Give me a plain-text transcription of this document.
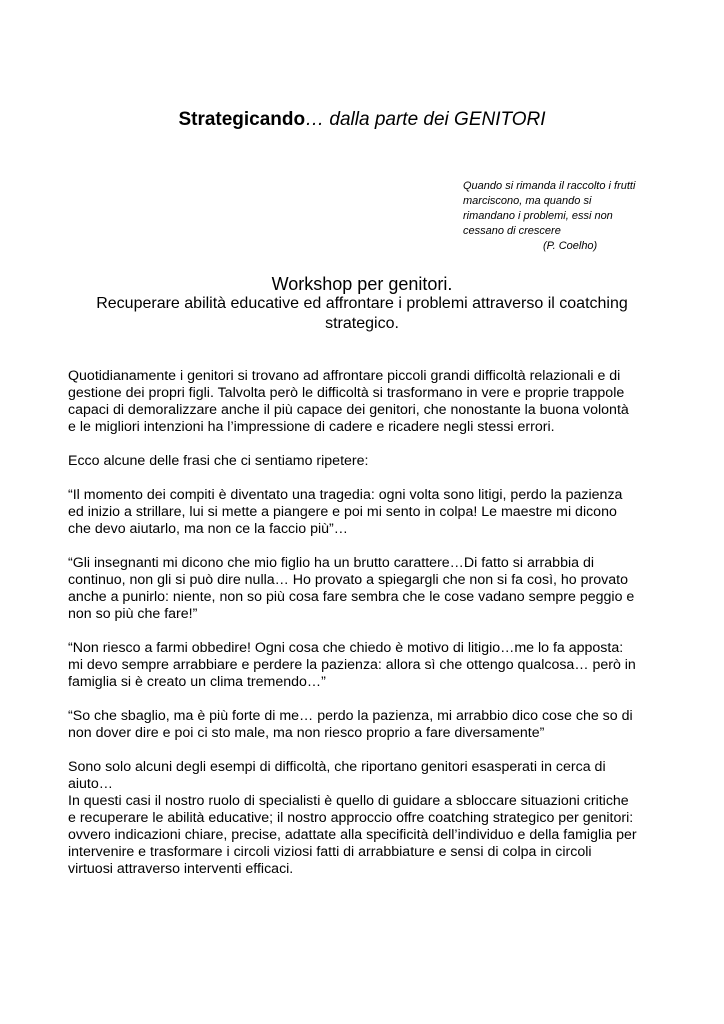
Strategicando… dalla parte dei GENITORI
Quando si rimanda il raccolto i frutti
marciscono, ma quando si
rimandano i problemi, essi non
cessano di crescere
(P. Coelho)
Workshop per genitori.
Recuperare abilità educative ed affrontare i problemi attraverso il coatching
strategico.

Quotidianamente i genitori si trovano ad affrontare piccoli grandi difficoltà relazionali e di
gestione dei propri figli. Talvolta però le difficoltà si trasformano in vere e proprie trappole
capaci di demoralizzare anche il più capace dei genitori, che nonostante la buona volontà
e le migliori intenzioni ha l’impressione di cadere e ricadere negli stessi errori.

Ecco alcune delle frasi che ci sentiamo ripetere:

“Il momento dei compiti è diventato una tragedia: ogni volta sono litigi, perdo la pazienza
ed inizio a strillare, lui si mette a piangere e poi mi sento in colpa! Le maestre mi dicono
che devo aiutarlo, ma non ce la faccio più”…

“Gli insegnanti mi dicono che mio figlio ha un brutto carattere…Di fatto si arrabbia di
continuo, non gli si può dire nulla… Ho provato a spiegargli che non si fa così, ho provato
anche a punirlo: niente, non so più cosa fare sembra che le cose vadano sempre peggio e
non so più che fare!”

“Non riesco a farmi obbedire! Ogni cosa che chiedo è motivo di litigio…me lo fa apposta:
mi devo sempre arrabbiare e perdere la pazienza: allora sì che ottengo qualcosa… però in
famiglia si è creato un clima tremendo…”

“So che sbaglio, ma è più forte di me… perdo la pazienza, mi arrabbio dico cose che so di
non dover dire e poi ci sto male, ma non riesco proprio a fare diversamente”

Sono solo alcuni degli esempi di difficoltà, che riportano genitori esasperati in cerca di
aiuto…

In questi casi il nostro ruolo di specialisti è quello di guidare a sbloccare situazioni critiche
e recuperare le abilità educative; il nostro approccio offre coatching strategico per genitori:
ovvero indicazioni chiare, precise, adattate alla specificità dell’individuo e della famiglia per
intervenire e trasformare i circoli viziosi fatti di arrabbiature e sensi di colpa in circoli
virtuosi attraverso interventi efficaci.
